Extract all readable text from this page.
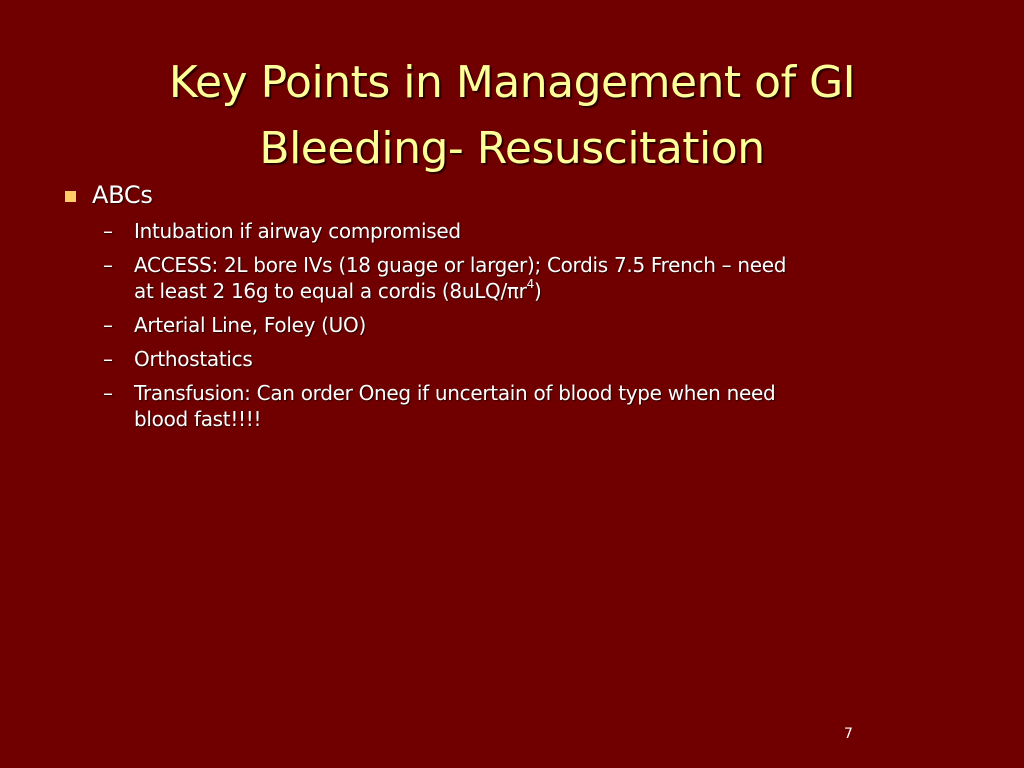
Key Points in Management of GI
Bleeding- Resuscitation
ABCs
– Intubation if airway compromised
– ACCESS: 2L bore IVs (18 guage or larger); Cordis 7.5 French – need
at least 2 16g to equal a cordis $(8uLQ/\pi r^4)$
– Arterial Line, Foley (UO)
– Orthostatics
– Transfusion: Can order Oneg if uncertain of blood type when need
blood fast!!!!
7
